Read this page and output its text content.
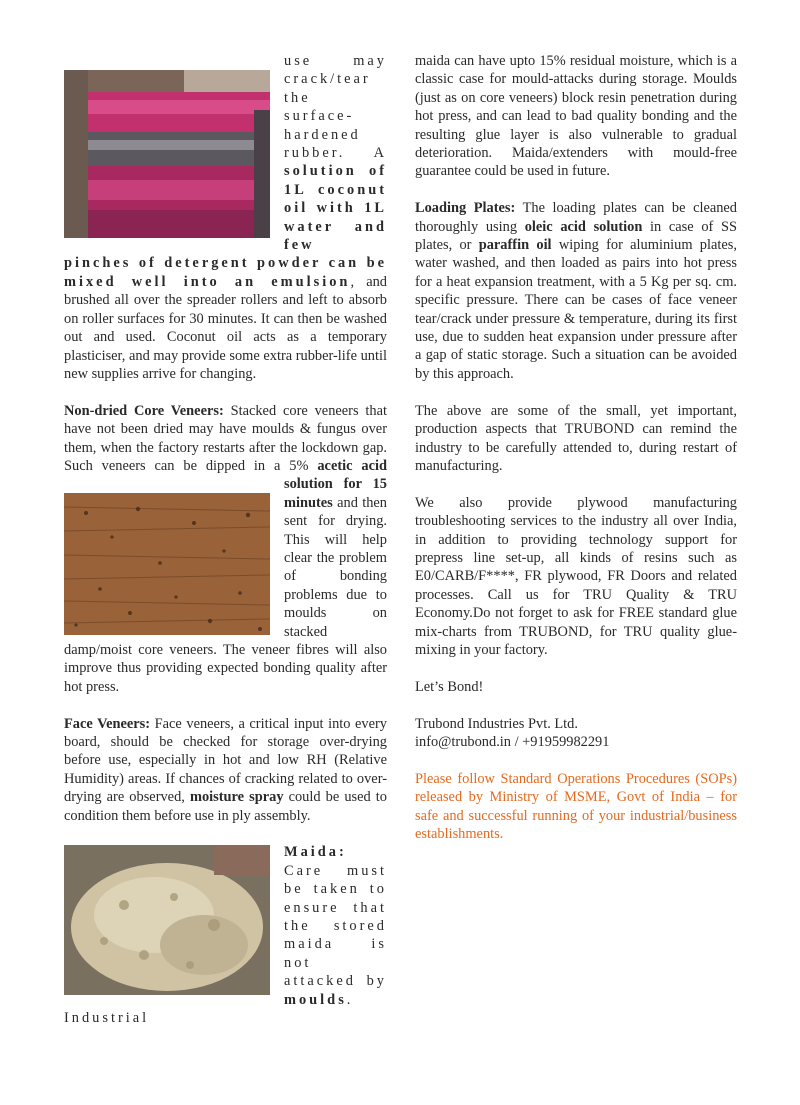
use may crack/tear the surface-hardened rubber. A solution of 1L coconut oil with 1L water and few pinches of detergent powder can be mixed well into an emulsion, and brushed all over the spreader rollers and left to absorb on roller surfaces for 30 minutes. It can then be washed out and used. Coconut oil acts as a temporary plasticiser, and may provide some extra rubber-life until new supplies arrive for changing.

Non-dried Core Veneers: Stacked core veneers that have not been dried may have moulds & fungus over them, when the factory restarts after the lockdown gap. Such veneers can be dipped in a 5%
acetic acid solution for 15 minutes and then sent for drying. This will help clear the problem of bonding problems due to moulds on stacked damp/moist core veneers. The veneer fibres will also improve thus providing expected bonding quality after hot press.

Face Veneers: Face veneers, a critical input into every board, should be checked for storage over-drying before use, especially in hot and low RH (Relative Humidity) areas. If chances of cracking related to over-drying are observed, moisture spray could be used to condition them before use in ply assembly.

Maida: Care must be taken to ensure that the stored maida is not attacked by moulds. Industrial

maida can have upto 15% residual moisture, which is a classic case for mould-attacks during storage. Moulds (just as on core veneers) block resin penetration during hot press, and can lead to bad quality bonding and the resulting glue layer is also vulnerable to gradual deterioration. Maida/extenders with mould-free guarantee could be used in future.

Loading Plates: The loading plates can be cleaned thoroughly using oleic acid solution in case of SS plates, or paraffin oil wiping for aluminium plates, water washed, and then loaded as pairs into hot press for a heat expansion treatment, with a 5 Kg per sq. cm. specific pressure. There can be cases of face veneer tear/crack under pressure & temperature, during its first use, due to sudden heat expansion under pressure after a gap of static storage. Such a situation can be avoided by this approach.

The above are some of the small, yet important, production aspects that TRUBOND can remind the industry to be carefully attended to, during restart of manufacturing.

We also provide plywood manufacturing troubleshooting services to the industry all over India, in addition to providing technology support for prepress line set-up, all kinds of resins such as E0/CARB/F****, FR plywood, FR Doors and related processes. Call us for TRU Quality & TRU Economy.Do not forget to ask for FREE standard glue mix-charts from TRUBOND, for TRU quality glue-mixing in your factory.

Let’s Bond!

Trubond Industries Pvt. Ltd.

info@trubond.in / +91959982291

Please follow Standard Operations Procedures (SOPs) released by Ministry of MSME, Govt of India – for safe and successful running of your industrial/business establishments.
